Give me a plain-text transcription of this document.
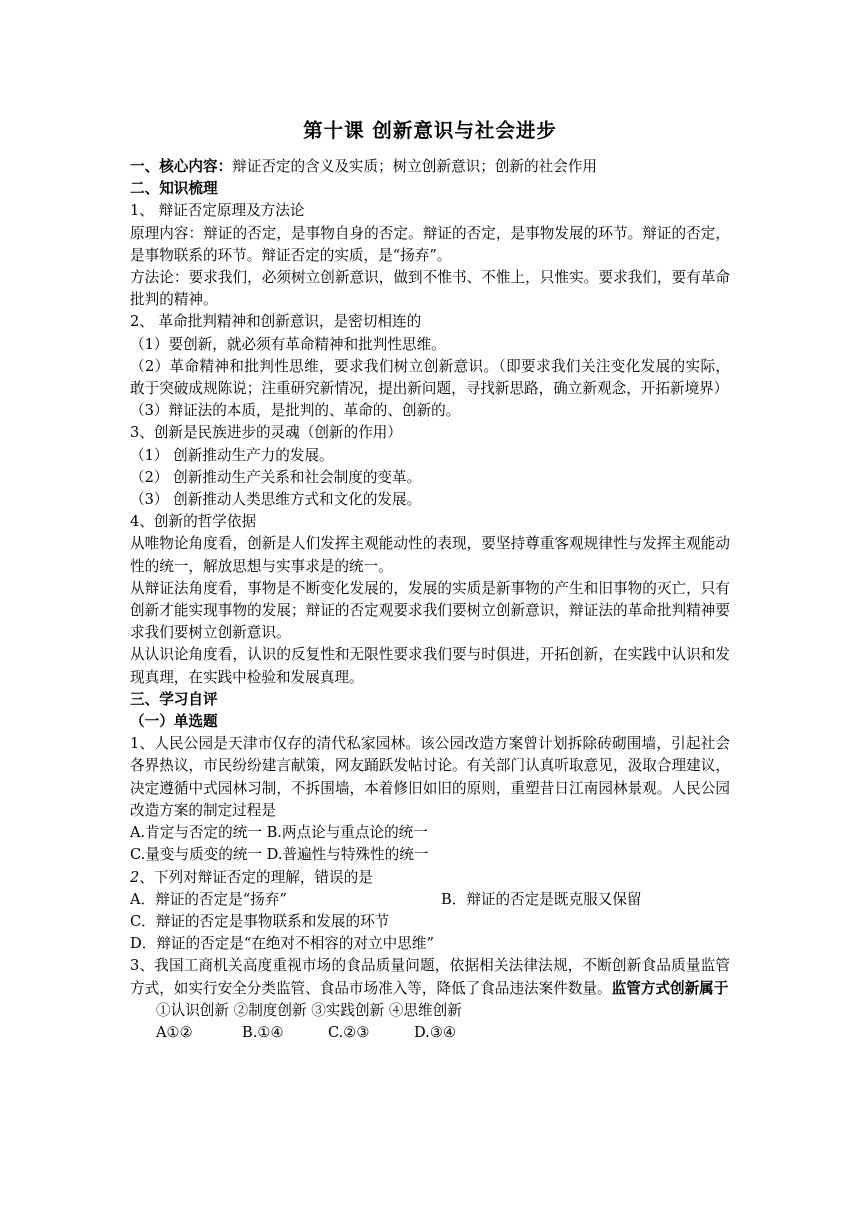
第十课 创新意识与社会进步

一、核心内容：辩证否定的含义及实质；树立创新意识；创新的社会作用

二、知识梳理

1、 辩证否定原理及方法论

原理内容：辩证的否定，是事物自身的否定。辩证的否定，是事物发展的环节。辩证的否定，是事物联系的环节。辩证否定的实质，是“扬弃”。

方法论：要求我们，必须树立创新意识，做到不惟书、不惟上，只惟实。要求我们，要有革命批判的精神。

2、 革命批判精神和创新意识，是密切相连的

（1）要创新，就必须有革命精神和批判性思维。

（2）革命精神和批判性思维，要求我们树立创新意识。（即要求我们关注变化发展的实际，敢于突破成规陈说；注重研究新情况，提出新问题，寻找新思路，确立新观念，开拓新境界）

（3）辩证法的本质，是批判的、革命的、创新的。

3、创新是民族进步的灵魂（创新的作用）

（1） 创新推动生产力的发展。

（2） 创新推动生产关系和社会制度的变革。

（3） 创新推动人类思维方式和文化的发展。

4、创新的哲学依据

从唯物论角度看，创新是人们发挥主观能动性的表现，要坚持尊重客观规律性与发挥主观能动性的统一，解放思想与实事求是的统一。

从辩证法角度看，事物是不断变化发展的，发展的实质是新事物的产生和旧事物的灭亡，只有创新才能实现事物的发展；辩证的否定观要求我们要树立创新意识，辩证法的革命批判精神要求我们要树立创新意识。

从认识论角度看，认识的反复性和无限性要求我们要与时俱进，开拓创新，在实践中认识和发现真理，在实践中检验和发展真理。

三、学习自评

（一）单选题

1、人民公园是天津市仅存的清代私家园林。该公园改造方案曾计划拆除砖砌围墙，引起社会各界热议，市民纷纷建言献策，网友踊跃发帖讨论。有关部门认真听取意见，汲取合理建议，决定遵循中式园林习制，不拆围墙，本着修旧如旧的原则，重塑昔日江南园林景观。人民公园改造方案的制定过程是

A.肯定与否定的统一 B.两点论与重点论的统一

C.量变与质变的统一 D.普遍性与特殊性的统一

2、下列对辩证否定的理解，错误的是

A．辩证的否定是“扬弃”	B．辩证的否定是既克服又保留

C．辩证的否定是事物联系和发展的环节

D．辩证的否定是“在绝对不相容的对立中思维”

3、我国工商机关高度重视市场的食品质量问题，依据相关法律法规，不断创新食品质量监管方式，如实行安全分类监管、食品市场准入等，降低了食品违法案件数量。监管方式创新属于

①认识创新 ②制度创新 ③实践创新 ④思维创新

A①②	B.①④	C.②③	D.③④
